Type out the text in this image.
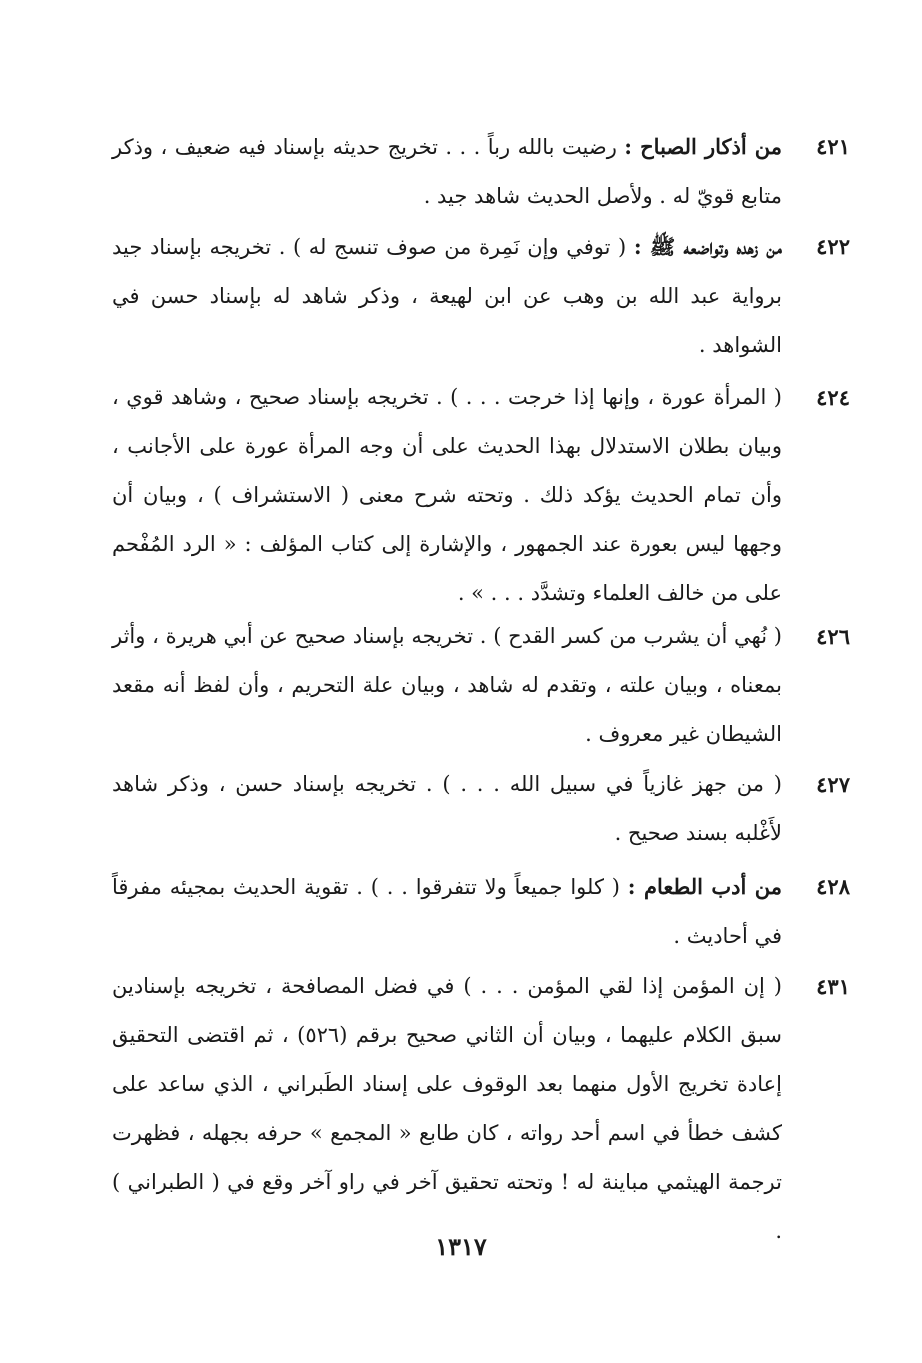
٤٢١
من أذكار الصباح : رضيت بالله رباً . . . تخريج حديثه بإسناد فيه ضعيف ، وذكر متابع قويّ له . ولأصل الحديث شاهد جيد .
٤٢٢
من زهده وتواضعه ﷺ : ( توفي وإن نَمِرة من صوف تنسج له ) . تخريجه بإسناد جيد برواية عبد الله بن وهب عن ابن لهيعة ، وذكر شاهد له بإسناد حسن في الشواهد .
٤٢٤
( المرأة عورة ، وإنها إذا خرجت . . . ) . تخريجه بإسناد صحيح ، وشاهد قوي ، وبيان بطلان الاستدلال بهذا الحديث على أن وجه المرأة عورة على الأجانب ، وأن تمام الحديث يؤكد ذلك . وتحته شرح معنى ( الاستشراف ) ، وبيان أن وجهها ليس بعورة عند الجمهور ، والإشارة إلى كتاب المؤلف : « الرد المُفْحم على من خالف العلماء وتشدَّد . . . » .
٤٢٦
( نُهي أن يشرب من كسر القدح ) . تخريجه بإسناد صحيح عن أبي هريرة ، وأثر بمعناه ، وبيان علته ، وتقدم له شاهد ، وبيان علة التحريم ، وأن لفظ أنه مقعد الشيطان غير معروف .
٤٢٧
( من جهز غازياً في سبيل الله . . . ) . تخريجه بإسناد حسن ، وذكر شاهد لأَغْلبه بسند صحيح .
٤٢٨
من أدب الطعام : ( كلوا جميعاً ولا تتفرقوا . . ) . تقوية الحديث بمجيئه مفرقاً في أحاديث .
٤٣١
( إن المؤمن إذا لقي المؤمن . . . ) في فضل المصافحة ، تخريجه بإسنادين سبق الكلام عليهما ، وبيان أن الثاني صحيح برقم (٥٢٦) ، ثم اقتضى التحقيق إعادة تخريج الأول منهما بعد الوقوف على إسناد الطَبراني ، الذي ساعد على كشف خطأ في اسم أحد رواته ، كان طابع « المجمع » حرفه بجهله ، فظهرت ترجمة الهيثمي مباينة له ! وتحته تحقيق آخر في راو آخر وقع في ( الطبراني ) .
١٣١٧
